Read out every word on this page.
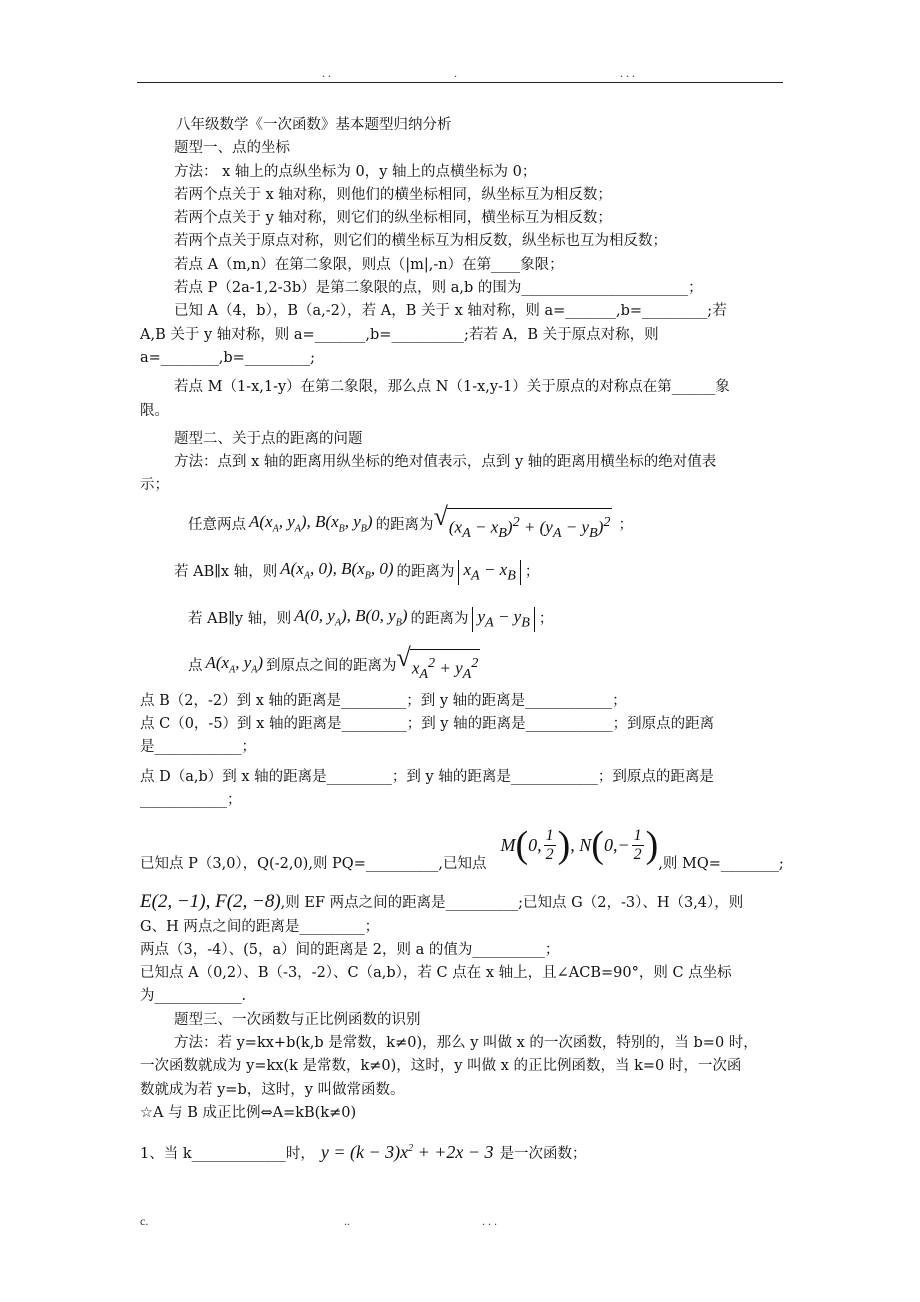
. .	.	. . .

八年级数学《一次函数》基本题型归纳分析

题型一、点的坐标

方法： x 轴上的点纵坐标为 0，y 轴上的点横坐标为 0；

若两个点关于 x 轴对称，则他们的横坐标相同，纵坐标互为相反数；

若两个点关于 y 轴对称，则它们的纵坐标相同，横坐标互为相反数；

若两个点关于原点对称，则它们的横坐标互为相反数，纵坐标也互为相反数；

若点 A（m,n）在第二象限，则点（|m|,-n）在第____象限；

若点 P（2a-1,2-3b）是第二象限的点，则 a,b 的围为_______________________；

已知 A（4，b），B（a,-2），若 A，B 关于 x 轴对称，则 a=_______,b=_________;若

A,B 关于 y 轴对称，则 a=_______,b=__________;若若 A，B 关于原点对称，则

a=________,b=_________;

若点 M（1-x,1-y）在第二象限，那么点 N（1-x,y-1）关于原点的对称点在第______象

限。

题型二、关于点的距离的问题

方法：点到 x 轴的距离用纵坐标的绝对值表示，点到 y 轴的距离用横坐标的绝对值表

示；

任意两点 $A(x_A$, $y_A$), $B(x_B$, $y_B$) 的距离为 √ $(x_A - x_B)^2 + (y_A - y_B)^2$ ；
若 AB∥x 轴，则 $A(x_A$, 0), $B(x_B$, 0) 的距离为 $x_A - x_B$ ；
若 AB∥y 轴，则 A(0, $y_A$), B(0, $y_B$) 的距离为 $y_A - y_B$ ；
点 $A(x_A$, $y_A$) 到原点之间的距离为 √ $x_A^2 + y_A^2$

点 B（2，-2）到 x 轴的距离是_________；到 y 轴的距离是____________；

点 C（0，-5）到 x 轴的距离是_________；到 y 轴的距离是____________；到原点的距离

是____________；

点 D（a,b）到 x 轴的距离是_________；到 y 轴的距离是____________；到原点的距离是

____________；

已知点 P（3,0），Q(-2,0),则 PQ=__________,已知点
M ( 0, $\frac{1}{2}$ ) , N ( $0,- \frac{1}{2}$ ) ,则 MQ=________;

E(2, −1), F(2, −8),则 EF 两点之间的距离是__________;已知点 G（2，-3）、H（3,4），则

G、H 两点之间的距离是_________；

两点（3，-4）、(5，a）间的距离是 2，则 a 的值为__________；

已知点 A（0,2）、B（-3，-2）、C（a,b），若 C 点在 x 轴上，且∠ACB=90°，则 C 点坐标

为____________.

题型三、一次函数与正比例函数的识别

方法：若 y=kx+b(k,b 是常数，k≠0)，那么 y 叫做 x 的一次函数，特别的，当 b=0 时，

一次函数就成为 y=kx(k 是常数，k≠0)，这时，y 叫做 x 的正比例函数，当 k=0 时，一次函

数就成为若 y=b，这时，y 叫做常函数。

☆A 与 B 成正比例⇔A=kB(k≠0)

1、当 k_____________时， $y = (k - 3)x^2 + +2x - 3$ 是一次函数；

c.	..	. . .
